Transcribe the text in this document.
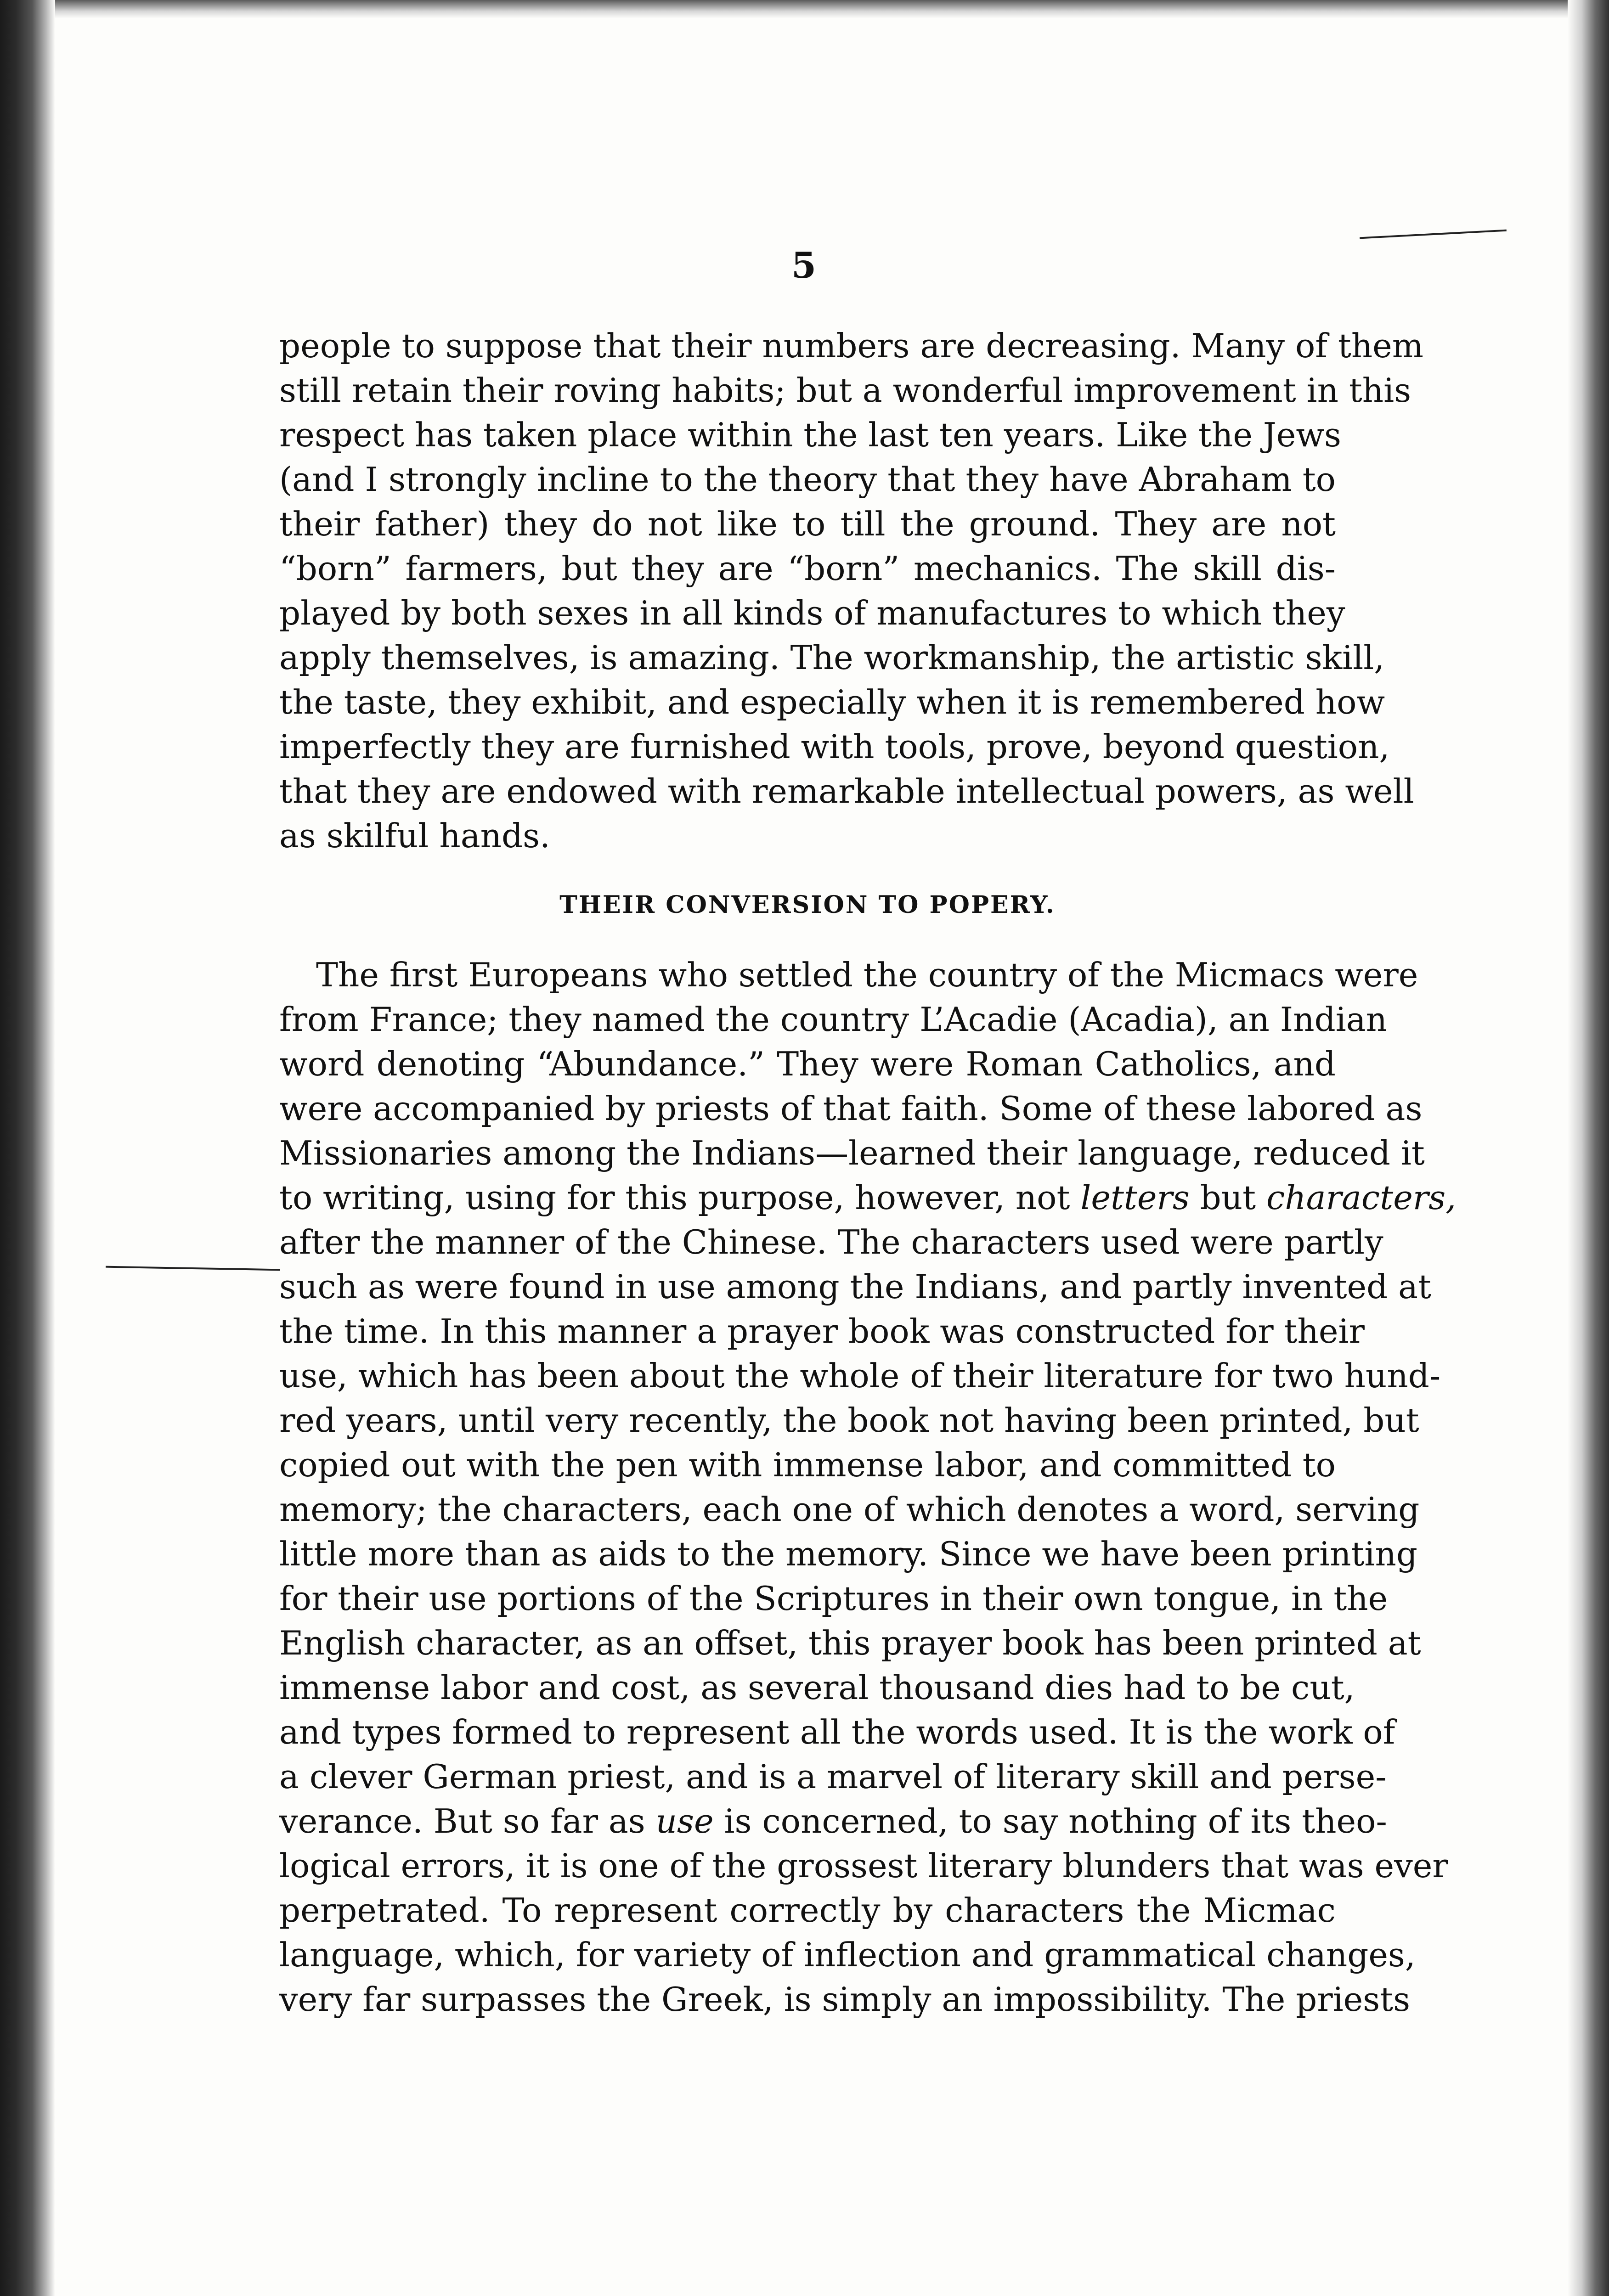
5
people to suppose that their numbers are decreasing. Many of them
still retain their roving habits; but a wonderful improvement in this
respect has taken place within the last ten years. Like the Jews
(and I strongly incline to the theory that they have Abraham to
their father) they do not like to till the ground. They are not
“born” farmers, but they are “born” mechanics. The skill dis-
played by both sexes in all kinds of manufactures to which they
apply themselves, is amazing. The workmanship, the artistic skill,
the taste, they exhibit, and especially when it is remembered how
imperfectly they are furnished with tools, prove, beyond question,
that they are endowed with remarkable intellectual powers, as well
as skilful hands.
THEIR CONVERSION TO POPERY.
The first Europeans who settled the country of the Micmacs were
from France; they named the country L’Acadie (Acadia), an Indian
word denoting “Abundance.” They were Roman Catholics, and
were accompanied by priests of that faith. Some of these labored as
Missionaries among the Indians—learned their language, reduced it
to writing, using for this purpose, however, not letters but characters,
after the manner of the Chinese. The characters used were partly
such as were found in use among the Indians, and partly invented at
the time. In this manner a prayer book was constructed for their
use, which has been about the whole of their literature for two hund-
red years, until very recently, the book not having been printed, but
copied out with the pen with immense labor, and committed to
memory; the characters, each one of which denotes a word, serving
little more than as aids to the memory. Since we have been printing
for their use portions of the Scriptures in their own tongue, in the
English character, as an offset, this prayer book has been printed at
immense labor and cost, as several thousand dies had to be cut,
and types formed to represent all the words used. It is the work of
a clever German priest, and is a marvel of literary skill and perse-
verance. But so far as use is concerned, to say nothing of its theo-
logical errors, it is one of the grossest literary blunders that was ever
perpetrated. To represent correctly by characters the Micmac
language, which, for variety of inflection and grammatical changes,
very far surpasses the Greek, is simply an impossibility. The priests
